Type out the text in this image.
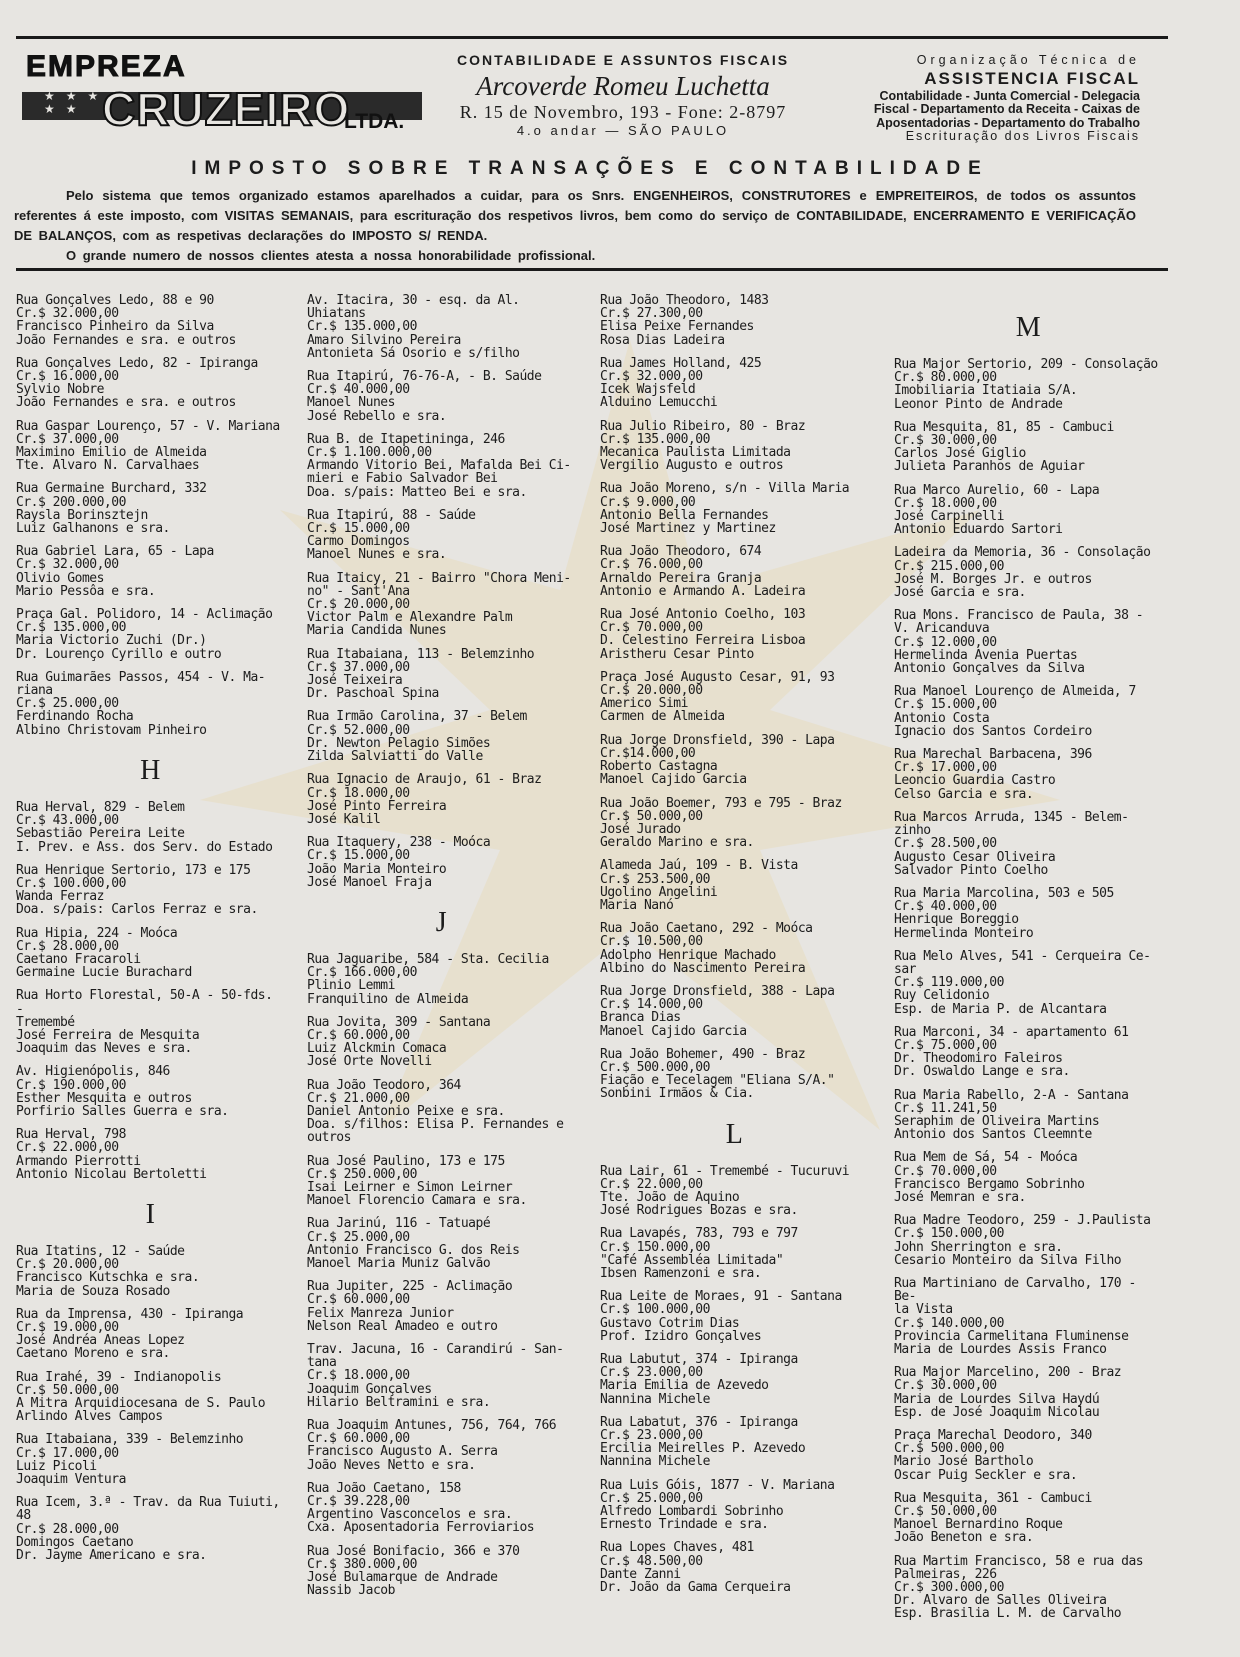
EMPREZA
★ ★ ★ ★ ★ CRUZEIRO
LTDA.
CONTABILIDADE E ASSUNTOS FISCAIS
Arcoverde Romeu Luchetta
R. 15 de Novembro, 193 - Fone: 2-8797
4.o andar — SÃO PAULO
Organização Técnica de
ASSISTENCIA FISCAL
Contabilidade - Junta Comercial - Delegacia
Fiscal - Departamento da Receita - Caixas de
Aposentadorias - Departamento do Trabalho
Escrituração dos Livros Fiscais
IMPOSTO SOBRE TRANSAÇÕES E CONTABILIDADE

Pelo sistema que temos organizado estamos aparelhados a cuidar, para os Snrs. ENGENHEIROS, CONSTRUTORES e EMPREITEIROS, de todos os assuntos referentes á este imposto, com VISITAS SEMANAIS, para escrituração dos respetivos livros, bem como do serviço de CONTABILIDADE, ENCERRAMENTO E VERIFICAÇÃO DE BALANÇOS, com as respetivas declarações do IMPOSTO S/ RENDA.

O grande numero de nossos clientes atesta a nossa honorabilidade profissional.

Rua Gonçalves Ledo, 88 e 90
Cr.$ 32.000,00
Francisco Pinheiro da Silva
João Fernandes e sra. e outros
Rua Gonçalves Ledo, 82 - Ipiranga
Cr.$ 16.000,00
Sylvio Nobre
João Fernandes e sra. e outros
Rua Gaspar Lourenço, 57 - V. Mariana
Cr.$ 37.000,00
Maximino Emilio de Almeida
Tte. Alvaro N. Carvalhaes
Rua Germaine Burchard, 332
Cr.$ 200.000,00
Raysla Borinsztejn
Luiz Galhanons e sra.
Rua Gabriel Lara, 65 - Lapa
Cr.$ 32.000,00
Olivio Gomes
Mario Pessôa e sra.
Praça Gal. Polidoro, 14 - Aclimação
Cr.$ 135.000,00
Maria Victorio Zuchi (Dr.)
Dr. Lourenço Cyrillo e outro
Rua Guimarães Passos, 454 - V. Ma-
riana
Cr.$ 25.000,00
Ferdinando Rocha
Albino Christovam Pinheiro
H
Rua Herval, 829 - Belem
Cr.$ 43.000,00
Sebastião Pereira Leite
I. Prev. e Ass. dos Serv. do Estado
Rua Henrique Sertorio, 173 e 175
Cr.$ 100.000,00
Wanda Ferraz
Doa. s/pais: Carlos Ferraz e sra.
Rua Hipia, 224 - Moóca
Cr.$ 28.000,00
Caetano Fracaroli
Germaine Lucie Burachard
Rua Horto Florestal, 50-A - 50-fds. -
Tremembé
José Ferreira de Mesquita
Joaquim das Neves e sra.
Av. Higienópolis, 846
Cr.$ 190.000,00
Esther Mesquita e outros
Porfirio Salles Guerra e sra.
Rua Herval, 798
Cr.$ 22.000,00
Armando Pierrotti
Antonio Nicolau Bertoletti
I
Rua Itatins, 12 - Saúde
Cr.$ 20.000,00
Francisco Kutschka e sra.
Maria de Souza Rosado
Rua da Imprensa, 430 - Ipiranga
Cr.$ 19.000,00
José Andréa Aneas Lopez
Caetano Moreno e sra.
Rua Irahé, 39 - Indianopolis
Cr.$ 50.000,00
A Mitra Arquidiocesana de S. Paulo
Arlindo Alves Campos
Rua Itabaiana, 339 - Belemzinho
Cr.$ 17.000,00
Luiz Picoli
Joaquim Ventura
Rua Icem, 3.ª - Trav. da Rua Tuiuti,
48
Cr.$ 28.000,00
Domingos Caetano
Dr. Jayme Americano e sra.
Av. Itacira, 30 - esq. da Al. Uhiatans
Cr.$ 135.000,00
Amaro Silvino Pereira
Antonieta Sá Osorio e s/filho
Rua Itapirú, 76-76-A, - B. Saúde
Cr.$ 40.000,00
Manoel Nunes
José Rebello e sra.
Rua B. de Itapetininga, 246
Cr.$ 1.100.000,00
Armando Vitorio Bei, Mafalda Bei Ci-
mieri e Fabio Salvador Bei
Doa. s/pais: Matteo Bei e sra.
Rua Itapirú, 88 - Saúde
Cr.$ 15.000,00
Carmo Domingos
Manoel Nunes e sra.
Rua Itaicy, 21 - Bairro "Chora Meni-
no" - Sant'Ana
Cr.$ 20.000,00
Victor Palm e Alexandre Palm
Maria Candida Nunes
Rua Itabaiana, 113 - Belemzinho
Cr.$ 37.000,00
José Teixeira
Dr. Paschoal Spina
Rua Irmão Carolina, 37 - Belem
Cr.$ 52.000,00
Dr. Newton Pelagio Simões
Zilda Salviatti do Valle
Rua Ignacio de Araujo, 61 - Braz
Cr.$ 18.000,00
José Pinto Ferreira
José Kalil
Rua Itaquery, 238 - Moóca
Cr.$ 15.000,00
João Maria Monteiro
José Manoel Fraja
J
Rua Jaguaribe, 584 - Sta. Cecilia
Cr.$ 166.000,00
Plinio Lemmi
Franquilino de Almeida
Rua Jovita, 309 - Santana
Cr.$ 60.000,00
Luiz Alckmin Comaca
José Orte Novelli
Rua João Teodoro, 364
Cr.$ 21.000,00
Daniel Antonio Peixe e sra.
Doa. s/filhos: Elisa P. Fernandes e
outros
Rua José Paulino, 173 e 175
Cr.$ 250.000,00
Isai Leirner e Simon Leirner
Manoel Florencio Camara e sra.
Rua Jarinú, 116 - Tatuapé
Cr.$ 25.000,00
Antonio Francisco G. dos Reis
Manoel Maria Muniz Galvão
Rua Jupiter, 225 - Aclimação
Cr.$ 60.000,00
Felix Manreza Junior
Nelson Real Amadeo e outro
Trav. Jacuna, 16 - Carandirú - San-
tana
Cr.$ 18.000,00
Joaquim Gonçalves
Hilario Beltramini e sra.
Rua Joaquim Antunes, 756, 764, 766
Cr.$ 60.000,00
Francisco Augusto A. Serra
João Neves Netto e sra.
Rua João Caetano, 158
Cr.$ 39.228,00
Argentino Vasconcelos e sra.
Cxa. Aposentadoria Ferroviarios
Rua José Bonifacio, 366 e 370
Cr.$ 380.000,00
José Bulamarque de Andrade
Nassib Jacob
Rua João Theodoro, 1483
Cr.$ 27.300,00
Elisa Peixe Fernandes
Rosa Dias Ladeira
Rua James Holland, 425
Cr.$ 32.000,00
Icek Wajsfeld
Alduino Lemucchi
Rua Julio Ribeiro, 80 - Braz
Cr.$ 135.000,00
Mecanica Paulista Limitada
Vergilio Augusto e outros
Rua João Moreno, s/n - Villa Maria
Cr.$ 9.000,00
Antonio Bella Fernandes
José Martinez y Martinez
Rua João Theodoro, 674
Cr.$ 76.000,00
Arnaldo Pereira Granja
Antonio e Armando A. Ladeira
Rua José Antonio Coelho, 103
Cr.$ 70.000,00
D. Celestino Ferreira Lisboa
Aristheru Cesar Pinto
Praça José Augusto Cesar, 91, 93
Cr.$ 20.000,00
Americo Simi
Carmen de Almeida
Rua Jorge Dronsfield, 390 - Lapa
Cr.$14.000,00
Roberto Castagna
Manoel Cajido Garcia
Rua João Boemer, 793 e 795 - Braz
Cr.$ 50.000,00
José Jurado
Geraldo Marino e sra.
Alameda Jaú, 109 - B. Vista
Cr.$ 253.500,00
Ugolino Angelini
Maria Nanó
Rua João Caetano, 292 - Moóca
Cr.$ 10.500,00
Adolpho Henrique Machado
Albino do Nascimento Pereira
Rua Jorge Dronsfield, 388 - Lapa
Cr.$ 14.000,00
Branca Dias
Manoel Cajido Garcia
Rua João Bohemer, 490 - Braz
Cr.$ 500.000,00
Fiação e Tecelagem "Eliana S/A."
Sonbini Irmãos & Cia.
L
Rua Lair, 61 - Tremembé - Tucuruvi
Cr.$ 22.000,00
Tte. João de Aquino
José Rodrigues Bozas e sra.
Rua Lavapés, 783, 793 e 797
Cr.$ 150.000,00
"Café Assembléa Limitada"
Ibsen Ramenzoni e sra.
Rua Leite de Moraes, 91 - Santana
Cr.$ 100.000,00
Gustavo Cotrim Dias
Prof. Izidro Gonçalves
Rua Labutut, 374 - Ipiranga
Cr.$ 23.000,00
Maria Emilia de Azevedo
Nannina Michele
Rua Labatut, 376 - Ipiranga
Cr.$ 23.000,00
Ercilia Meirelles P. Azevedo
Nannina Michele
Rua Luis Góis, 1877 - V. Mariana
Cr.$ 25.000,00
Alfredo Lombardi Sobrinho
Ernesto Trindade e sra.
Rua Lopes Chaves, 481
Cr.$ 48.500,00
Dante Zanni
Dr. João da Gama Cerqueira
M
Rua Major Sertorio, 209 - Consolação
Cr.$ 80.000,00
Imobiliaria Itatiaia S/A.
Leonor Pinto de Andrade
Rua Mesquita, 81, 85 - Cambuci
Cr.$ 30.000,00
Carlos José Giglio
Julieta Paranhos de Aguiar
Rua Marco Aurelio, 60 - Lapa
Cr.$ 18.000,00
José Carpinelli
Antonio Eduardo Sartori
Ladeira da Memoria, 36 - Consolação
Cr.$ 215.000,00
José M. Borges Jr. e outros
José Garcia e sra.
Rua Mons. Francisco de Paula, 38 -
V. Aricanduva
Cr.$ 12.000,00
Hermelinda Avenia Puertas
Antonio Gonçalves da Silva
Rua Manoel Lourenço de Almeida, 7
Cr.$ 15.000,00
Antonio Costa
Ignacio dos Santos Cordeiro
Rua Marechal Barbacena, 396
Cr.$ 17.000,00
Leoncio Guardia Castro
Celso Garcia e sra.
Rua Marcos Arruda, 1345 - Belem-
zinho
Cr.$ 28.500,00
Augusto Cesar Oliveira
Salvador Pinto Coelho
Rua Maria Marcolina, 503 e 505
Cr.$ 40.000,00
Henrique Boreggio
Hermelinda Monteiro
Rua Melo Alves, 541 - Cerqueira Ce-
sar
Cr.$ 119.000,00
Ruy Celidonio
Esp. de Maria P. de Alcantara
Rua Marconi, 34 - apartamento 61
Cr.$ 75.000,00
Dr. Theodomiro Faleiros
Dr. Oswaldo Lange e sra.
Rua Maria Rabello, 2-A - Santana
Cr.$ 11.241,50
Seraphim de Oliveira Martins
Antonio dos Santos Cleemnte
Rua Mem de Sá, 54 - Moóca
Cr.$ 70.000,00
Francisco Bergamo Sobrinho
José Memran e sra.
Rua Madre Teodoro, 259 - J.Paulista
Cr.$ 150.000,00
John Sherrington e sra.
Cesario Monteiro da Silva Filho
Rua Martiniano de Carvalho, 170 - Be-
la Vista
Cr.$ 140.000,00
Provincia Carmelitana Fluminense
Maria de Lourdes Assis Franco
Rua Major Marcelino, 200 - Braz
Cr.$ 30.000,00
Maria de Lourdes Silva Haydú
Esp. de José Joaquim Nicolau
Praça Marechal Deodoro, 340
Cr.$ 500.000,00
Mario José Bartholo
Oscar Puig Seckler e sra.
Rua Mesquita, 361 - Cambuci
Cr.$ 50.000,00
Manoel Bernardino Roque
João Beneton e sra.
Rua Martim Francisco, 58 e rua das
Palmeiras, 226
Cr.$ 300.000,00
Dr. Alvaro de Salles Oliveira
Esp. Brasilia L. M. de Carvalho
